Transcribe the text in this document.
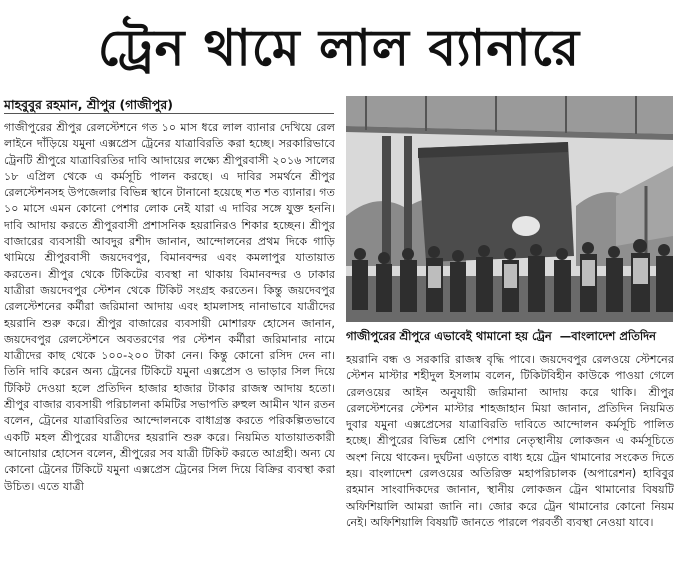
ট্রেন থামে লাল ব্যানারে
মাহবুবুর রহমান, শ্রীপুর (গাজীপুর)

গাজীপুরের শ্রীপুর রেলস্টেশনে গত ১০ মাস ধরে লাল ব্যানার দেখিয়ে রেল লাইনে দাঁড়িয়ে যমুনা এক্সপ্রেস ট্রেনের যাত্রাবিরতি করা হচ্ছে। সরকারিভাবে ট্রেনটি শ্রীপুরে যাত্রাবিরতির দাবি আদায়ের লক্ষ্যে শ্রীপুরবাসী ২০১৬ সালের ১৮ এপ্রিল থেকে এ কর্মসূচি পালন করছে। এ দাবির সমর্থনে শ্রীপুর রেলস্টেশনসহ উপজেলার বিভিন্ন স্থানে টানানো হয়েছে শত শত ব্যানার। গত ১০ মাসে এমন কোনো পেশার লোক নেই যারা এ দাবির সঙ্গে যুক্ত হননি। দাবি আদায় করতে শ্রীপুরবাসী প্রশাসনিক হয়রানিরও শিকার হচ্ছেন। শ্রীপুর বাজারের ব্যবসায়ী আবদুর রশীদ জানান, আন্দোলনের প্রথম দিকে গাড়ি থামিয়ে শ্রীপুরবাসী জয়দেবপুর, বিমানবন্দর এবং কমলাপুর যাতায়াত করতেন। শ্রীপুর থেকে টিকিটের ব্যবস্থা না থাকায় বিমানবন্দর ও ঢাকার যাত্রীরা জয়দেবপুর স্টেশন থেকে টিকিট সংগ্রহ করতেন। কিন্তু জয়দেবপুর রেলস্টেশনের কর্মীরা জরিমানা আদায় এবং হামলাসহ নানাভাবে যাত্রীদের হয়রানি শুরু করে। শ্রীপুর বাজারের ব্যবসায়ী মোশারফ হোসেন জানান, জয়দেবপুর রেলস্টেশনে অবতরণের পর স্টেশন কর্মীরা জরিমানার নামে যাত্রীদের কাছ থেকে ১০০-২০০ টাকা নেন। কিন্তু কোনো রসিদ দেন না। তিনি দাবি করেন অন্য ট্রেনের টিকিটে যমুনা এক্সপ্রেস ও ভাড়ার সিল দিয়ে টিকিট দেওয়া হলে প্রতিদিন হাজার হাজার টাকার রাজস্ব আদায় হতো। শ্রীপুর বাজার ব্যবসায়ী পরিচালনা কমিটির সভাপতি রুহুল আমীন খান রতন বলেন, ট্রেনের যাত্রাবিরতির আন্দোলনকে বাধাগ্রস্ত করতে পরিকল্পিতভাবে একটি মহল শ্রীপুরের যাত্রীদের হয়রানি শুরু করে। নিয়মিত যাতায়াতকারী আনোয়ার হোসেন বলেন, শ্রীপুরের সব যাত্রী টিকিট করতে আগ্রহী। অন্য যে কোনো ট্রেনের টিকিটে যমুনা এক্সপ্রেস ট্রেনের সিল দিয়ে বিক্রির ব্যবস্থা করা উচিত। এতে যাত্রী

গাজীপুরের শ্রীপুরে এভাবেই থামানো হয় ট্রেন —বাংলাদেশ প্রতিদিন

হয়রানি বন্ধ ও সরকারি রাজস্ব বৃদ্ধি পাবে। জয়দেবপুর রেলওয়ে স্টেশনের স্টেশন মাস্টার শহীদুল ইসলাম বলেন, টিকিটবিহীন কাউকে পাওয়া গেলে রেলওয়ের আইন অনুযায়ী জরিমানা আদায় করে থাকি। শ্রীপুর রেলস্টেশনের স্টেশন মাস্টার শাহজাহান মিয়া জানান, প্রতিদিন নিয়মিত দুবার যমুনা এক্সপ্রেসের যাত্রাবিরতি দাবিতে আন্দোলন কর্মসূচি পালিত হচ্ছে। শ্রীপুরের বিভিন্ন শ্রেণি পেশার নেতৃস্থানীয় লোকজন এ কর্মসূচিতে অংশ নিয়ে থাকেন। দুর্ঘটনা এড়াতে বাধ্য হয়ে ট্রেন থামানোর সংকেত দিতে হয়। বাংলাদেশ রেলওয়ের অতিরিক্ত মহাপরিচালক (অপারেশন) হাবিবুর রহমান সাংবাদিকদের জানান, স্থানীয় লোকজন ট্রেন থামানোর বিষয়টি অফিশিয়ালি আমরা জানি না। জোর করে ট্রেন থামানোর কোনো নিয়ম নেই। অফিশিয়ালি বিষয়টি জানতে পারলে পরবর্তী ব্যবস্থা নেওয়া যাবে।
